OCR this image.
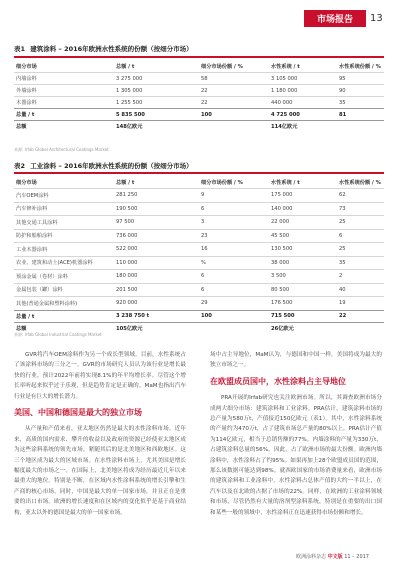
市场报告	13
表1 建筑涂料 – 2016年欧洲水性系统的份额（按细分市场）
细分市场	总额 / t	细分市场份额 / %	水性系统 / t	水性系统份额 / %
内墙涂料	3 275 000	58	3 105 000	95
外墙涂料	1 305 000	22	1 180 000	90
木器涂料	1 255 500	22	440 000	35
总量 / t	5 835 500	100	4 725 000	81
总额	148亿欧元		114亿欧元	
来源: Irfab Global Architectural Coatings Market
表2 工业涂料 – 2016年欧洲水性系统的份额（按细分市场）
细分市场	总额 / t	细分市场份额 / %	水性系统 / t	水性系统份额 / %
汽车OEM涂料	281 250	9	175 000	62
汽车修补涂料	190 500	6	140 000	73
其他交通工具涂料	97 500	3	22 000	25
防护和船舶涂料	736 000	23	45 500	6
工业木器涂料	522 000	16	130 500	25
农业、建筑和动土(ACE)机器涂料	110 000	%	38 000	35
预涂金属（卷材）涂料	180 000	6	3 500	2
金属包装（罐）涂料	201 500	6	80 500	40
其他(普通金属和塑料涂料)	920 000	29	176 500	19
总量 / t	3 238 750 t	100	715 500	22
总额	105亿欧元		26亿欧元	
来源: Irfab Global Industrial Coatings Market

GVR将汽车OEM涂料作为另一个成长型领域。目前，水性系统占了该涂料市场的三分之一。GVR的市场研究人员认为该行业是增长最快的行业，预计2022年前将实现8.1%的年平均增长率。尽管这个增长率听起来似乎过于乐观，但是趋势肯定是正确的。MaM也指出汽车行业是有巨大的增长潜力。

美国、中国和德国是最大的独立市场

从产量和产值来看，亚太地区仍然是最大的水性涂料市场。近年来，高质的国内需求、攀升的收益以及政府的资源已经使亚太地区成为这些涂料系统的领先市场。紧随其后的是北美地区和西欧地区。这三个地区成为最大的区域市场。在水性涂料市场上，尤其美国是增长幅度最大的市场之一。在国际上，北美地区将成为经历最近几年以来最重大的地位。特别是不断，在区域内水性涂料系统的增长引擎和生产商的核心市场，同时，中国是最大的单一国家市场，并且正在是重要的出口市场。欧洲的增长速度和在区域内的变化似乎是基于商业结构，亚太以外的德国是最大的单一国家市场。

场中占主导地位，MaM认为，与德国和中国一样，美国将成为最大的独立市场之一。

在欧盟成员国中，水性涂料占主导地位

PRA开展的Irfab研究也关注欧洲市场。所以，其调查欧洲市场分成两大细分市场：建筑涂料和工业涂料。PRA估计，建筑涂料市场的总产量为580万t，产值接近150亿欧元（表1）。其中，水性涂料系统的产量约为470万t，占了建筑市场总产量的80%以上。PRA估计产值为114亿欧元，相当于总销售额的77%。内墙涂料的产量为330万t，占建筑涂料总量的56%。因此，占了欧洲市场的最大份额。欧洲内墙涂料中，水性涂料占了约95%。如果再加上28个欧盟成员国的范围，那么该数据可能达到98%。就西欧国家的市场消费量来看，欧洲市场的建筑涂料和工业涂料中，水性涂料占总体产值的大约一半以上，在汽车以及在北欧的占据了市场的22%。同样，在欧洲的工业涂料领域和市场，尽管仍然有大量的溶剂型涂料系统，特别是在重要的出口国和某些一般的领域中，水性涂料正在迅速获得市场份额和增长。

欧洲涂料杂志 中文版 11 – 2017
